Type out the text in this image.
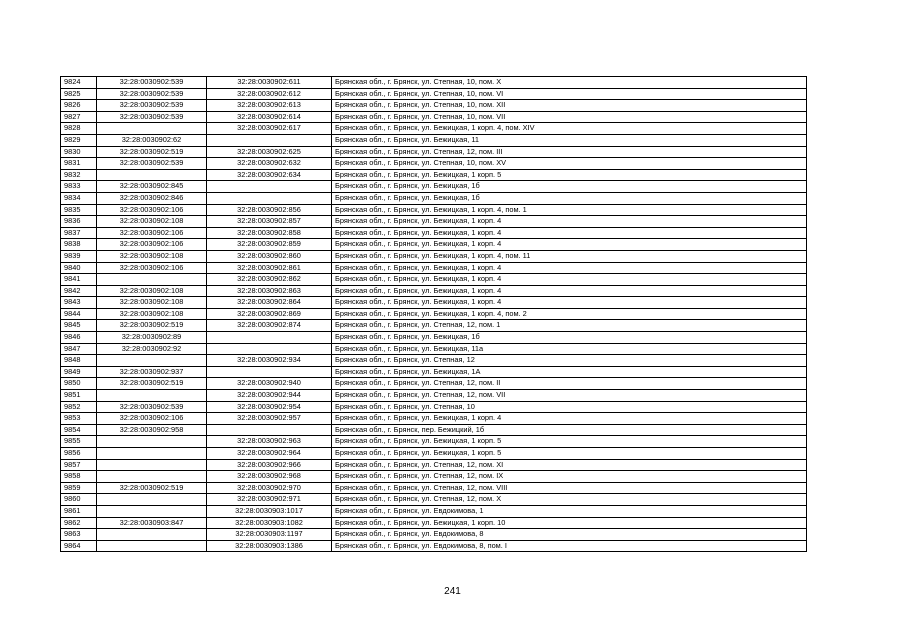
9824	32:28:0030902:539	32:28:0030902:611	Брянская обл., г. Брянск, ул. Степная, 10, пом. X
9825	32:28:0030902:539	32:28:0030902:612	Брянская обл., г. Брянск, ул. Степная, 10, пом. VI
9826	32:28:0030902:539	32:28:0030902:613	Брянская обл., г. Брянск, ул. Степная, 10, пом. XII
9827	32:28:0030902:539	32:28:0030902:614	Брянская обл., г. Брянск, ул. Степная, 10, пом. VII
9828		32:28:0030902:617	Брянская обл., г. Брянск, ул. Бежицкая, 1 корп. 4, пом. XIV
9829	32:28:0030902:62		Брянская обл., г. Брянск, ул. Бежицкая, 11
9830	32:28:0030902:519	32:28:0030902:625	Брянская обл., г. Брянск, ул. Степная, 12, пом. III
9831	32:28:0030902:539	32:28:0030902:632	Брянская обл., г. Брянск, ул. Степная, 10, пом. XV
9832		32:28:0030902:634	Брянская обл., г. Брянск, ул. Бежицкая, 1 корп. 5
9833	32:28:0030902:845		Брянская обл., г. Брянск, ул. Бежицкая, 1б
9834	32:28:0030902:846		Брянская обл., г. Брянск, ул. Бежицкая, 1б
9835	32:28:0030902:106	32:28:0030902:856	Брянская обл., г. Брянск, ул. Бежицкая, 1 корп. 4, пом. 1
9836	32:28:0030902:108	32:28:0030902:857	Брянская обл., г. Брянск, ул. Бежицкая, 1 корп. 4
9837	32:28:0030902:106	32:28:0030902:858	Брянская обл., г. Брянск, ул. Бежицкая, 1 корп. 4
9838	32:28:0030902:106	32:28:0030902:859	Брянская обл., г. Брянск, ул. Бежицкая, 1 корп. 4
9839	32:28:0030902:108	32:28:0030902:860	Брянская обл., г. Брянск, ул. Бежицкая, 1 корп. 4, пом. 11
9840	32:28:0030902:106	32:28:0030902:861	Брянская обл., г. Брянск, ул. Бежицкая, 1 корп. 4
9841		32:28:0030902:862	Брянская обл., г. Брянск, ул. Бежицкая, 1 корп. 4
9842	32:28:0030902:108	32:28:0030902:863	Брянская обл., г. Брянск, ул. Бежицкая, 1 корп. 4
9843	32:28:0030902:108	32:28:0030902:864	Брянская обл., г. Брянск, ул. Бежицкая, 1 корп. 4
9844	32:28:0030902:108	32:28:0030902:869	Брянская обл., г. Брянск, ул. Бежицкая, 1 корп. 4, пом. 2
9845	32:28:0030902:519	32:28:0030902:874	Брянская обл., г. Брянск, ул. Степная, 12, пом. 1
9846	32:28:0030902:89		Брянская обл., г. Брянск, ул. Бежицкая, 1б
9847	32:28:0030902:92		Брянская обл., г. Брянск, ул. Бежицкая, 11а
9848		32:28:0030902:934	Брянская обл., г. Брянск, ул. Степная, 12
9849	32:28:0030902:937		Брянская обл., г. Брянск, ул. Бежицкая, 1А
9850	32:28:0030902:519	32:28:0030902:940	Брянская обл., г. Брянск, ул. Степная, 12, пом. II
9851		32:28:0030902:944	Брянская обл., г. Брянск, ул. Степная, 12, пом. VII
9852	32:28:0030902:539	32:28:0030902:954	Брянская обл., г. Брянск, ул. Степная, 10
9853	32:28:0030902:106	32:28:0030902:957	Брянская обл., г. Брянск, ул. Бежицкая, 1 корп. 4
9854	32:28:0030902:958		Брянская обл., г. Брянск, пер. Бежицкий, 1б
9855		32:28:0030902:963	Брянская обл., г. Брянск, ул. Бежицкая, 1 корп. 5
9856		32:28:0030902:964	Брянская обл., г. Брянск, ул. Бежицкая, 1 корп. 5
9857		32:28:0030902:966	Брянская обл., г. Брянск, ул. Степная, 12, пом. XI
9858		32:28:0030902:968	Брянская обл., г. Брянск, ул. Степная, 12, пом. IX
9859	32:28:0030902:519	32:28:0030902:970	Брянская обл., г. Брянск, ул. Степная, 12, пом. VIII
9860		32:28:0030902:971	Брянская обл., г. Брянск, ул. Степная, 12, пом. X
9861		32:28:0030903:1017	Брянская обл., г. Брянск, ул. Евдокимова, 1
9862	32:28:0030903:847	32:28:0030903:1082	Брянская обл., г. Брянск, ул. Бежицкая, 1 корп. 10
9863		32:28:0030903:1197	Брянская обл., г. Брянск, ул. Евдокимова, 8
9864		32:28:0030903:1386	Брянская обл., г. Брянск, ул. Евдокимова, 8, пом. I
241
